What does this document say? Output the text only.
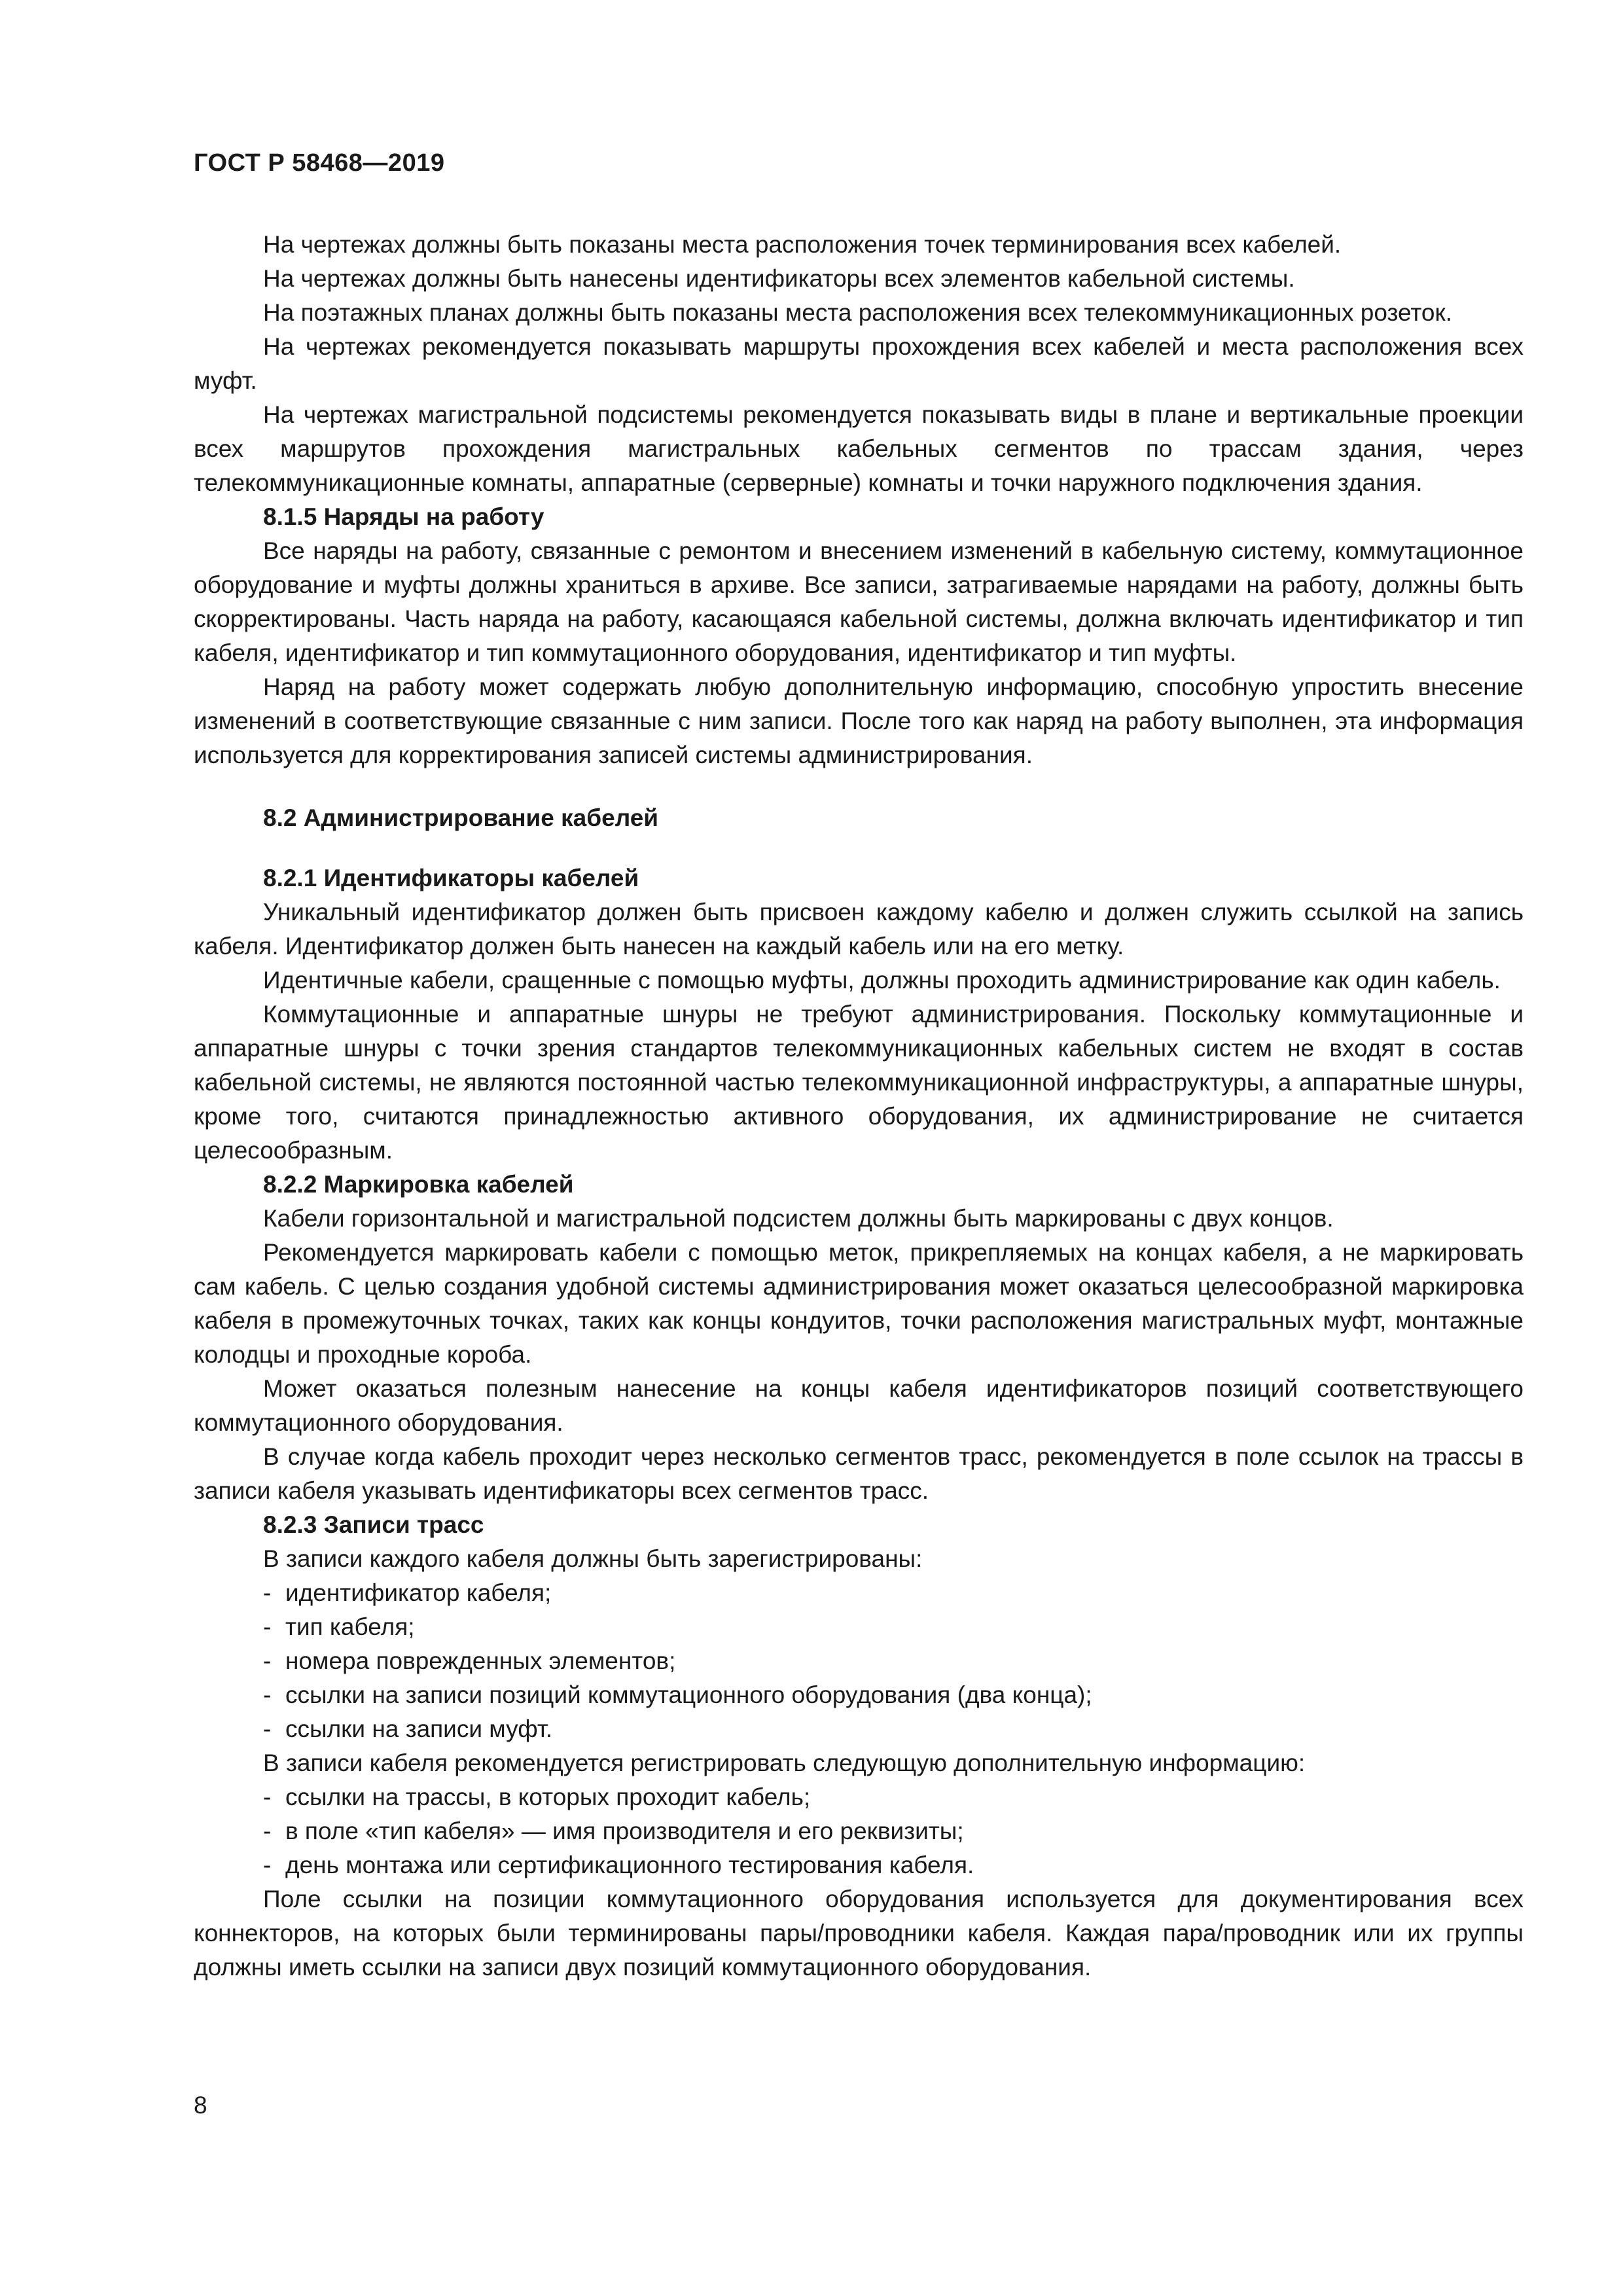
ГОСТ Р 58468—2019

На чертежах должны быть показаны места расположения точек терминирования всех кабелей.

На чертежах должны быть нанесены идентификаторы всех элементов кабельной системы.

На поэтажных планах должны быть показаны места расположения всех телекоммуникационных розеток.

На чертежах рекомендуется показывать маршруты прохождения всех кабелей и места расположения всех муфт.

На чертежах магистральной подсистемы рекомендуется показывать виды в плане и вертикальные проекции всех маршрутов прохождения магистральных кабельных сегментов по трассам здания, через телекоммуникационные комнаты, аппаратные (серверные) комнаты и точки наружного подключения здания.

8.1.5 Наряды на работу

Все наряды на работу, связанные с ремонтом и внесением изменений в кабельную систему, коммутационное оборудование и муфты должны храниться в архиве. Все записи, затрагиваемые нарядами на работу, должны быть скорректированы. Часть наряда на работу, касающаяся кабельной системы, должна включать идентификатор и тип кабеля, идентификатор и тип коммутационного оборудования, идентификатор и тип муфты.

Наряд на работу может содержать любую дополнительную информацию, способную упростить внесение изменений в соответствующие связанные с ним записи. После того как наряд на работу выполнен, эта информация используется для корректирования записей системы администрирования.

8.2 Администрирование кабелей

8.2.1 Идентификаторы кабелей

Уникальный идентификатор должен быть присвоен каждому кабелю и должен служить ссылкой на запись кабеля. Идентификатор должен быть нанесен на каждый кабель или на его метку.

Идентичные кабели, сращенные с помощью муфты, должны проходить администрирование как один кабель.

Коммутационные и аппаратные шнуры не требуют администрирования. Поскольку коммутационные и аппаратные шнуры с точки зрения стандартов телекоммуникационных кабельных систем не входят в состав кабельной системы, не являются постоянной частью телекоммуникационной инфраструктуры, а аппаратные шнуры, кроме того, считаются принадлежностью активного оборудования, их администрирование не считается целесообразным.

8.2.2 Маркировка кабелей

Кабели горизонтальной и магистральной подсистем должны быть маркированы с двух концов.

Рекомендуется маркировать кабели с помощью меток, прикрепляемых на концах кабеля, а не маркировать сам кабель. С целью создания удобной системы администрирования может оказаться целесообразной маркировка кабеля в промежуточных точках, таких как концы кондуитов, точки расположения магистральных муфт, монтажные колодцы и проходные короба.

Может оказаться полезным нанесение на концы кабеля идентификаторов позиций соответствующего коммутационного оборудования.

В случае когда кабель проходит через несколько сегментов трасс, рекомендуется в поле ссылок на трассы в записи кабеля указывать идентификаторы всех сегментов трасс.

8.2.3 Записи трасс

В записи каждого кабеля должны быть зарегистрированы:

- идентификатор кабеля;

- тип кабеля;

- номера поврежденных элементов;

- ссылки на записи позиций коммутационного оборудования (два конца);

- ссылки на записи муфт.

В записи кабеля рекомендуется регистрировать следующую дополнительную информацию:

- ссылки на трассы, в которых проходит кабель;

- в поле «тип кабеля» — имя производителя и его реквизиты;

- день монтажа или сертификационного тестирования кабеля.

Поле ссылки на позиции коммутационного оборудования используется для документирования всех коннекторов, на которых были терминированы пары/проводники кабеля. Каждая пара/проводник или их группы должны иметь ссылки на записи двух позиций коммутационного оборудования.

8
